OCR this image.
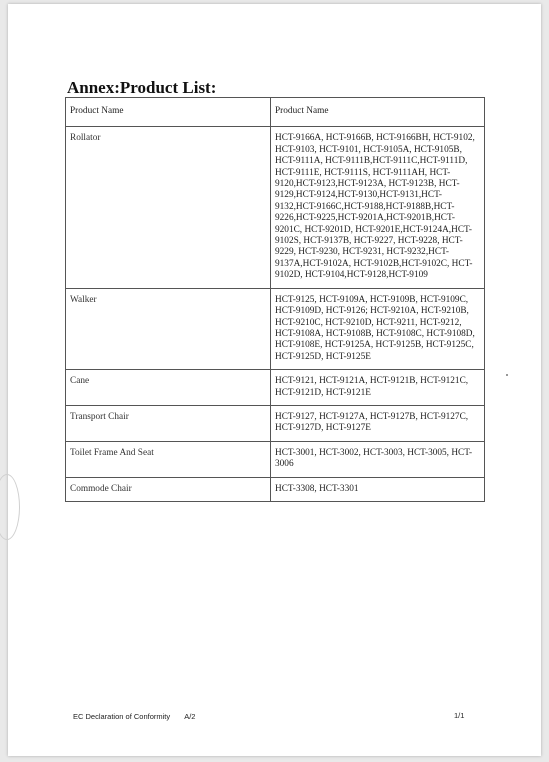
Annex:Product List:
Product Name	Product Name
Rollator	HCT-9166A, HCT-9166B, HCT-9166BH, HCT-9102, HCT-9103, HCT-9101, HCT-9105A, HCT-9105B, HCT-9111A, HCT-9111B,HCT-9111C,HCT-9111D, HCT-9111E, HCT-9111S, HCT-9111AH, HCT-9120,HCT-9123,HCT-9123A, HCT-9123B, HCT-9129,HCT-9124,HCT-9130,HCT-9131,HCT-9132,HCT-9166C,HCT-9188,HCT-9188B,HCT-9226,HCT-9225,HCT-9201A,HCT-9201B,HCT-9201C, HCT-9201D, HCT-9201E,HCT-9124A,HCT-9102S, HCT-9137B, HCT-9227, HCT-9228, HCT-9229, HCT-9230, HCT-9231, HCT-9232,HCT-9137A,HCT-9102A, HCT-9102B,HCT-9102C, HCT-9102D, HCT-9104,HCT-9128,HCT-9109
Walker	HCT-9125, HCT-9109A, HCT-9109B, HCT-9109C, HCT-9109D, HCT-9126; HCT-9210A, HCT-9210B, HCT-9210C, HCT-9210D, HCT-9211, HCT-9212, HCT-9108A, HCT-9108B, HCT-9108C, HCT-9108D, HCT-9108E, HCT-9125A, HCT-9125B, HCT-9125C, HCT-9125D, HCT-9125E
Cane	HCT-9121, HCT-9121A, HCT-9121B, HCT-9121C, HCT-9121D, HCT-9121E
Transport Chair	HCT-9127, HCT-9127A, HCT-9127B, HCT-9127C, HCT-9127D, HCT-9127E
Toilet Frame And Seat	HCT-3001, HCT-3002, HCT-3003, HCT-3005, HCT-3006
Commode Chair	HCT-3308, HCT-3301
EC Declaration of Conformity A/2	1/1
